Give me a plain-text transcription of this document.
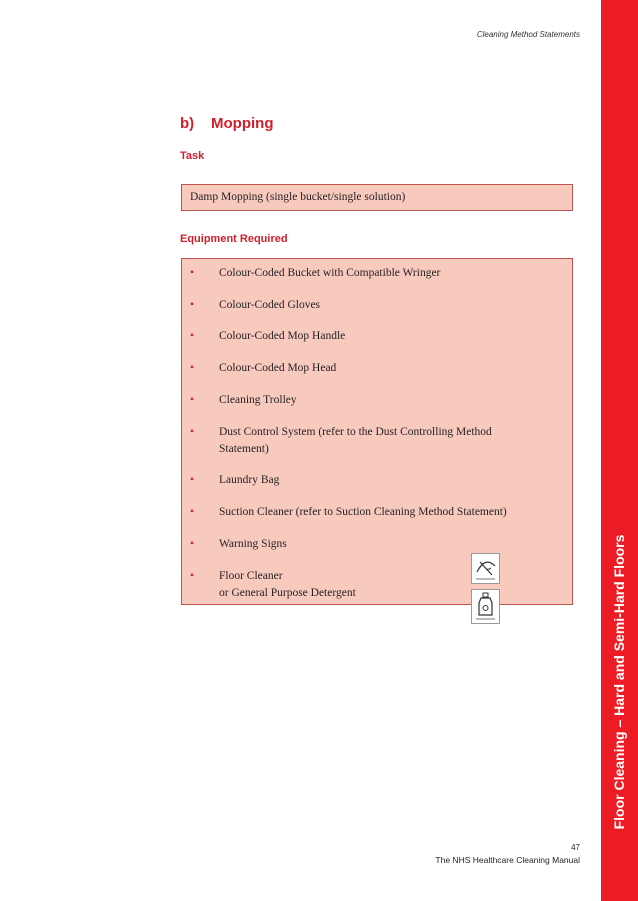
Cleaning Method Statements
Floor Cleaning – Hard and Semi-Hard Floors
b) Mopping
Task
Damp Mopping (single bucket/single solution)
Equipment Required
• Colour-Coded Bucket with Compatible Wringer
• Colour-Coded Gloves
• Colour-Coded Mop Handle
• Colour-Coded Mop Head
• Cleaning Trolley
• Dust Control System (refer to the Dust Controlling Method Statement)
• Laundry Bag
• Suction Cleaner (refer to Suction Cleaning Method Statement)
• Warning Signs
• Floor Cleaner
or General Purpose Detergent
47
The NHS Healthcare Cleaning Manual
